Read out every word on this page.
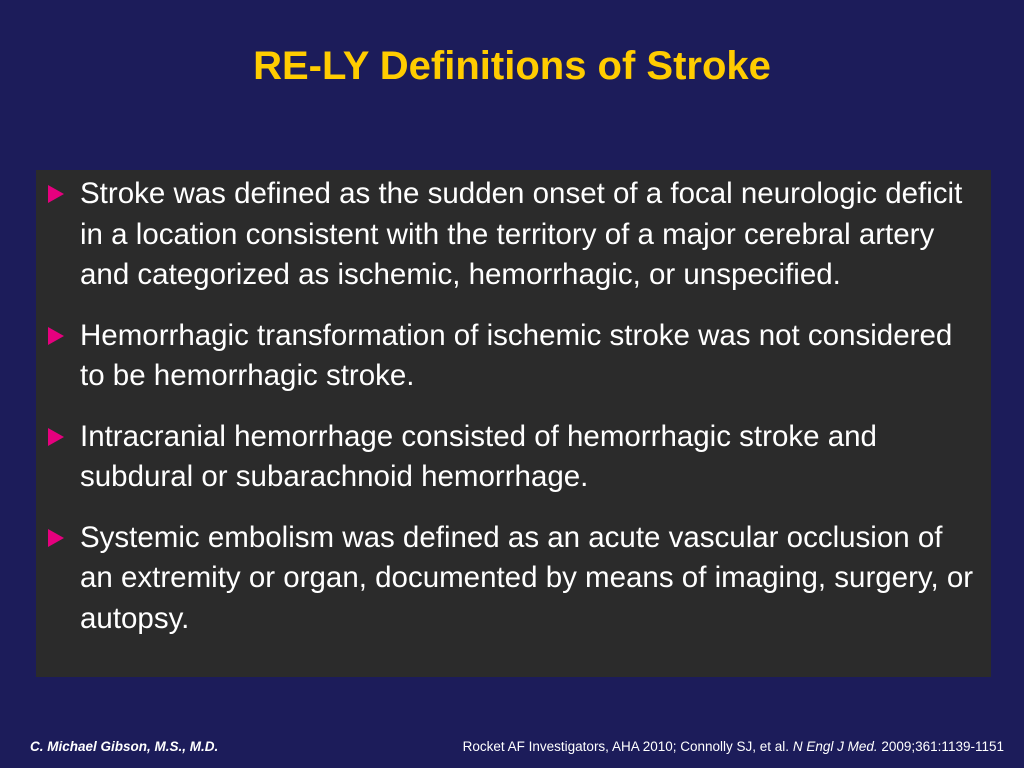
RE-LY Definitions of Stroke
Stroke was defined as the sudden onset of a focal neurologic deficit in a location consistent with the territory of a major cerebral artery and categorized as ischemic, hemorrhagic, or unspecified.
Hemorrhagic transformation of ischemic stroke was not considered to be hemorrhagic stroke.
Intracranial hemorrhage consisted of hemorrhagic stroke and subdural or subarachnoid hemorrhage.
Systemic embolism was defined as an acute vascular occlusion of an extremity or organ, documented by means of imaging, surgery, or autopsy.
C. Michael Gibson, M.S., M.D.	Rocket AF Investigators, AHA 2010; Connolly SJ, et al. N Engl J Med. 2009;361:1139-1151
